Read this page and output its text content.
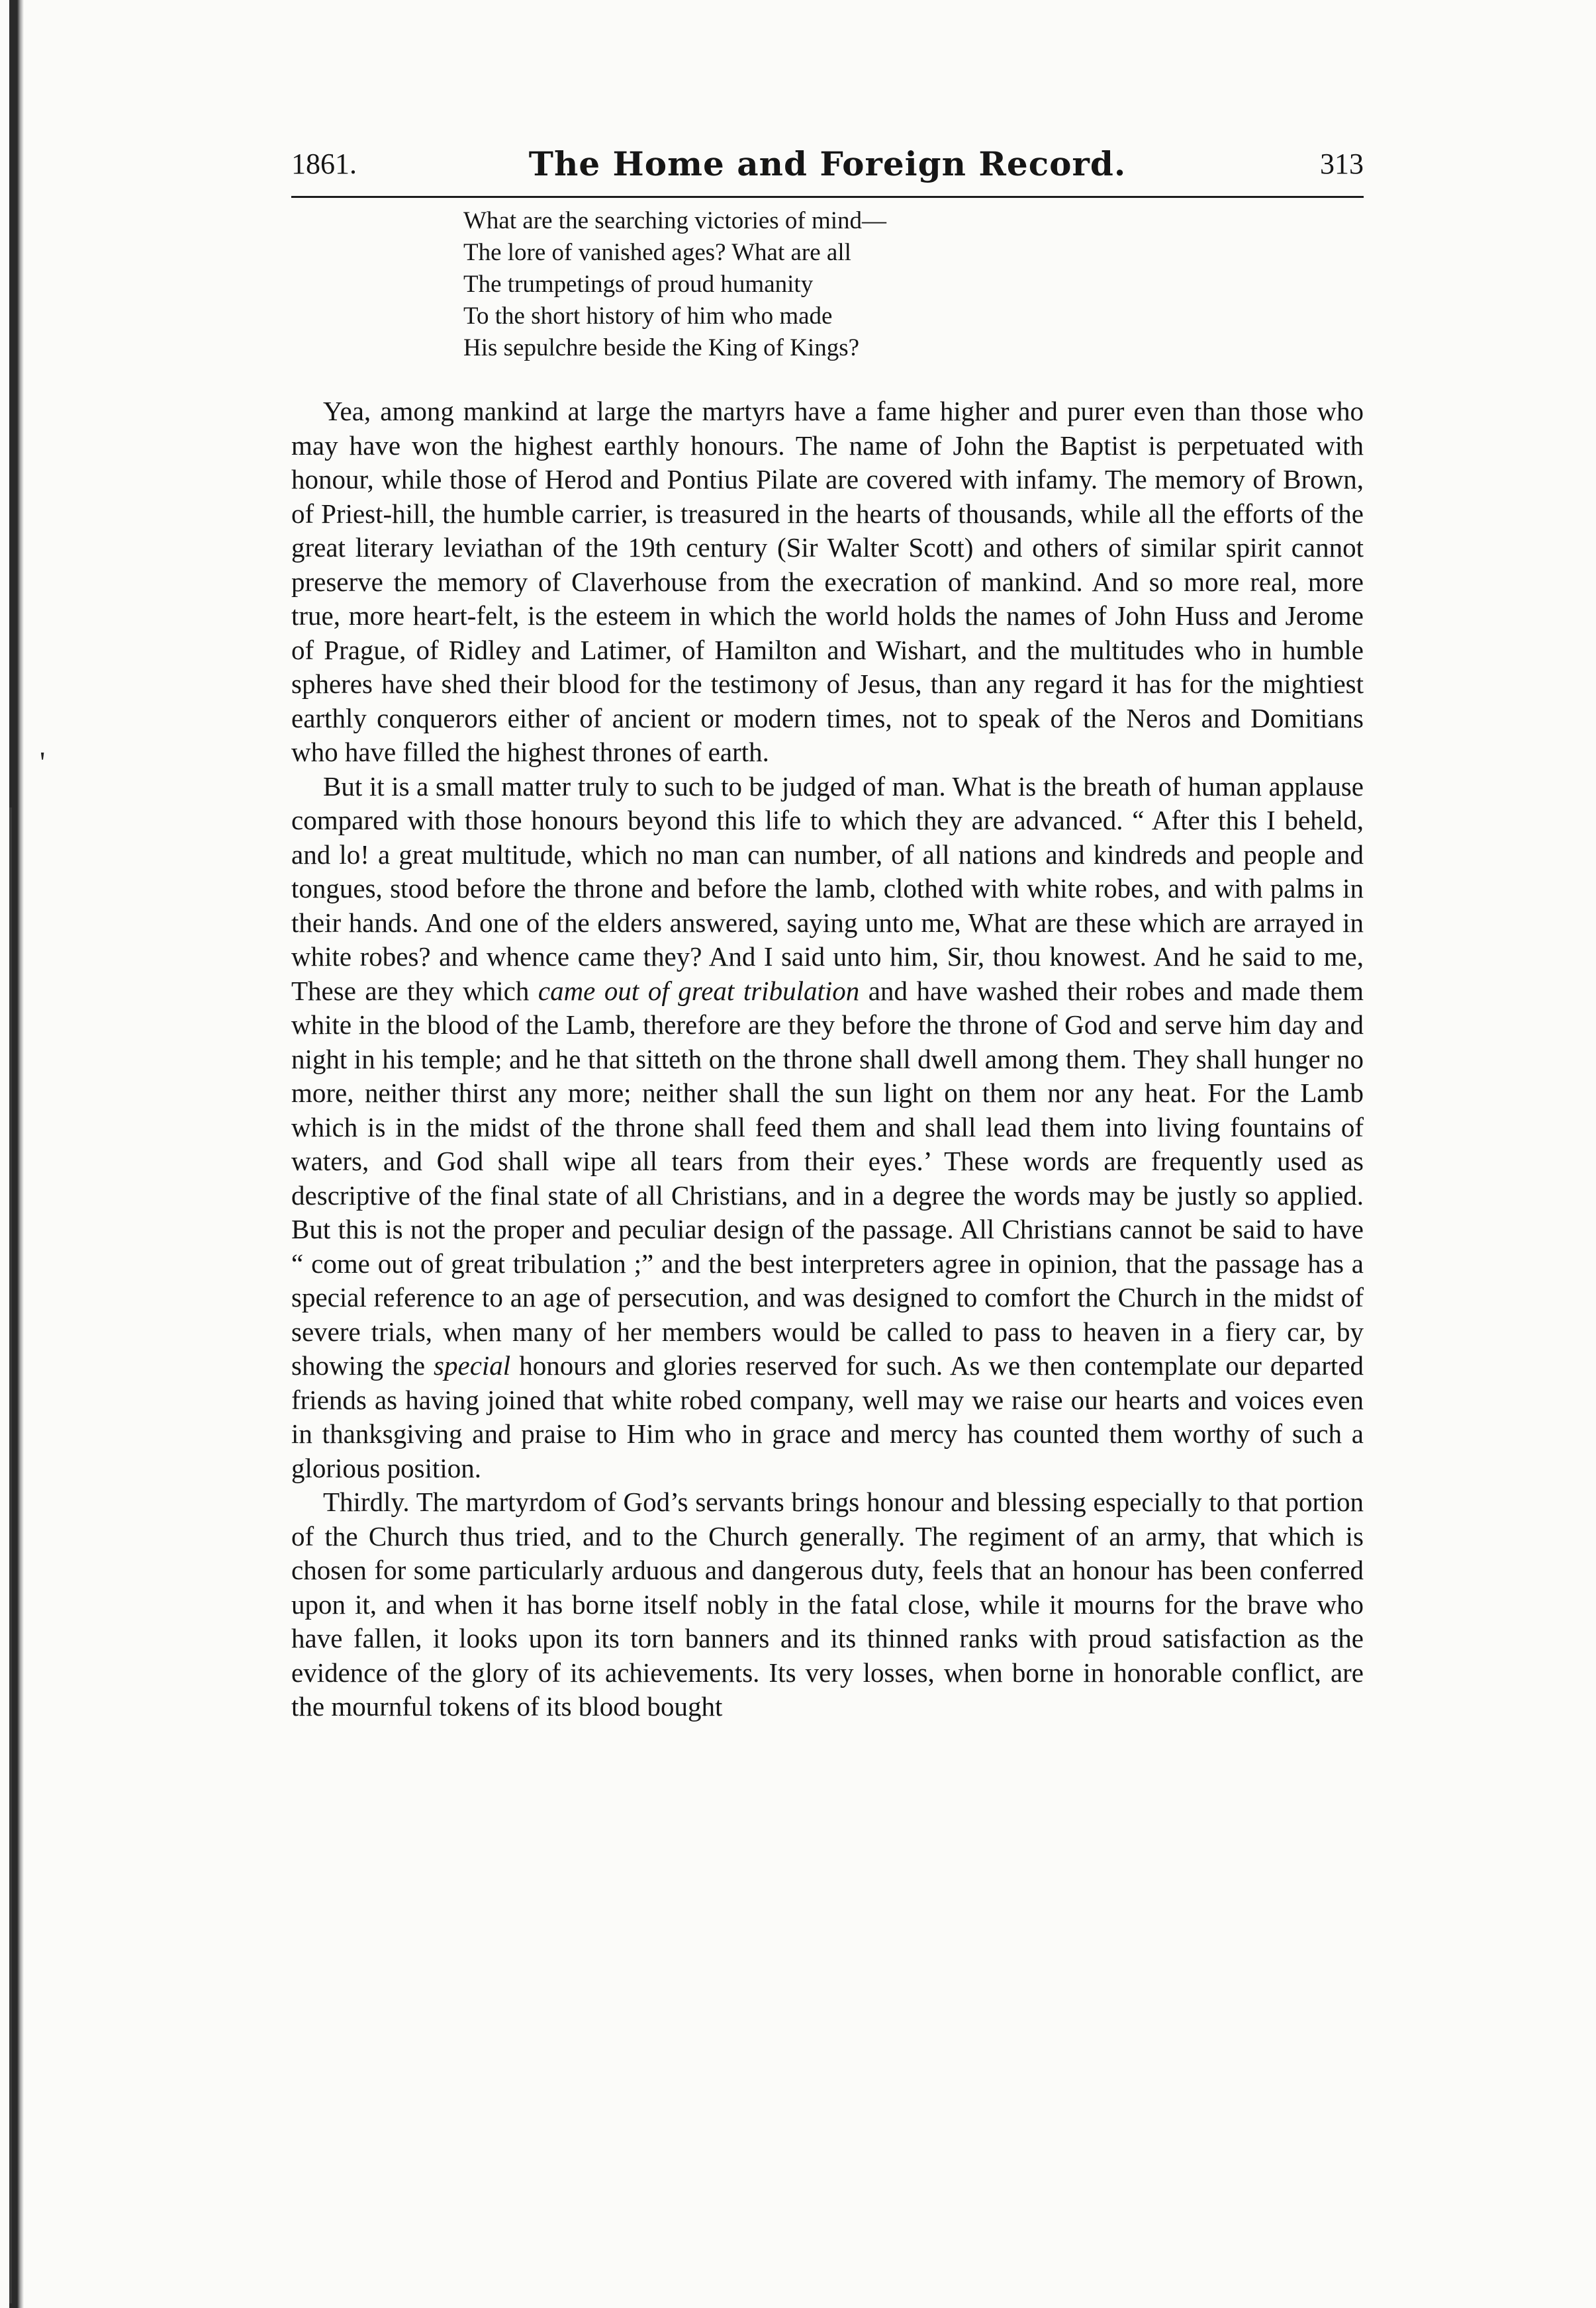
'
1861.	The Home and Foreign Record.	313
What are the searching victories of mind—
The lore of vanished ages? What are all
The trumpetings of proud humanity
To the short history of him who made
His sepulchre beside the King of Kings?

Yea, among mankind at large the martyrs have a fame higher and purer even than those who may have won the highest earthly honours. The name of John the Baptist is perpetuated with honour, while those of Herod and Pontius Pilate are covered with infamy. The memory of Brown, of Priest-hill, the humble carrier, is treasured in the hearts of thousands, while all the efforts of the great literary leviathan of the 19th century (Sir Walter Scott) and others of similar spirit cannot preserve the memory of Claverhouse from the execration of mankind. And so more real, more true, more heart-felt, is the esteem in which the world holds the names of John Huss and Jerome of Prague, of Ridley and Latimer, of Hamilton and Wishart, and the multitudes who in humble spheres have shed their blood for the testimony of Jesus, than any regard it has for the mightiest earthly conquerors either of ancient or modern times, not to speak of the Neros and Domitians who have filled the highest thrones of earth.

But it is a small matter truly to such to be judged of man. What is the breath of human applause compared with those honours beyond this life to which they are advanced. “ After this I beheld, and lo! a great multitude, which no man can number, of all nations and kindreds and people and tongues, stood before the throne and before the lamb, clothed with white robes, and with palms in their hands. And one of the elders answered, saying unto me, What are these which are arrayed in white robes? and whence came they? And I said unto him, Sir, thou knowest. And he said to me, These are they which came out of great tribulation and have washed their robes and made them white in the blood of the Lamb, therefore are they before the throne of God and serve him day and night in his temple; and he that sitteth on the throne shall dwell among them. They shall hunger no more, neither thirst any more; neither shall the sun light on them nor any heat. For the Lamb which is in the midst of the throne shall feed them and shall lead them into living fountains of waters, and God shall wipe all tears from their eyes.’ These words are frequently used as descriptive of the final state of all Christians, and in a degree the words may be justly so applied. But this is not the proper and peculiar design of the passage. All Christians cannot be said to have “ come out of great tribulation ;” and the best interpreters agree in opinion, that the passage has a special reference to an age of persecution, and was designed to comfort the Church in the midst of severe trials, when many of her members would be called to pass to heaven in a fiery car, by showing the special honours and glories reserved for such. As we then contemplate our departed friends as having joined that white robed company, well may we raise our hearts and voices even in thanksgiving and praise to Him who in grace and mercy has counted them worthy of such a glorious position.

Thirdly. The martyrdom of God’s servants brings honour and blessing especially to that portion of the Church thus tried, and to the Church generally. The regiment of an army, that which is chosen for some particularly arduous and dangerous duty, feels that an honour has been conferred upon it, and when it has borne itself nobly in the fatal close, while it mourns for the brave who have fallen, it looks upon its torn banners and its thinned ranks with proud satisfaction as the evidence of the glory of its achievements. Its very losses, when borne in honorable conflict, are the mournful tokens of its blood bought
